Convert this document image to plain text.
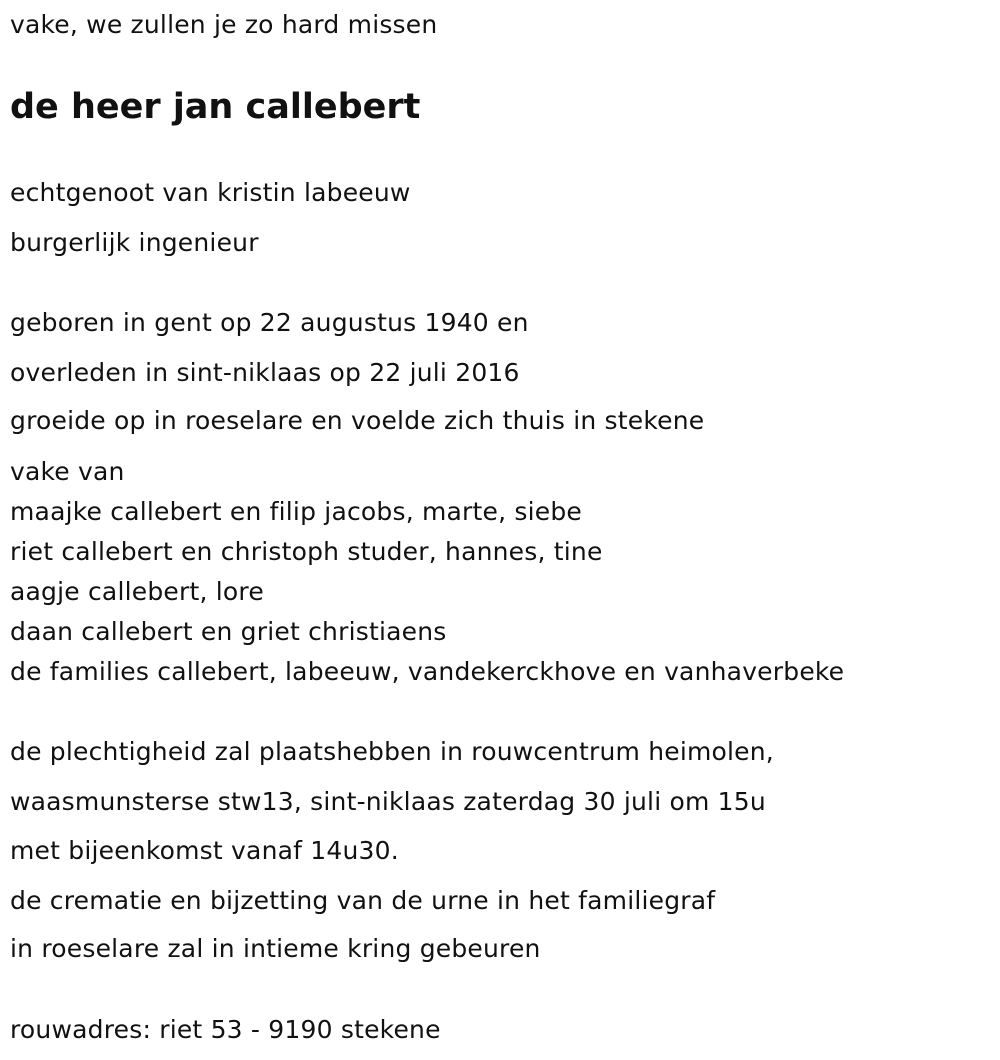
vake, we zullen je zo hard missen
de heer jan callebert
echtgenoot van kristin labeeuw
burgerlijk ingenieur
geboren in gent op 22 augustus 1940 en
overleden in sint-niklaas op 22 juli 2016
groeide op in roeselare en voelde zich thuis in stekene
vake van
maajke callebert en filip jacobs, marte, siebe
riet callebert en christoph studer, hannes, tine
aagje callebert, lore
daan callebert en griet christiaens
de families callebert, labeeuw, vandekerckhove en vanhaverbeke
de plechtigheid zal plaatshebben in rouwcentrum heimolen,
waasmunsterse stw13, sint-niklaas zaterdag 30 juli om 15u
met bijeenkomst vanaf 14u30.
de crematie en bijzetting van de urne in het familiegraf
in roeselare zal in intieme kring gebeuren
rouwadres: riet 53 - 9190 stekene
